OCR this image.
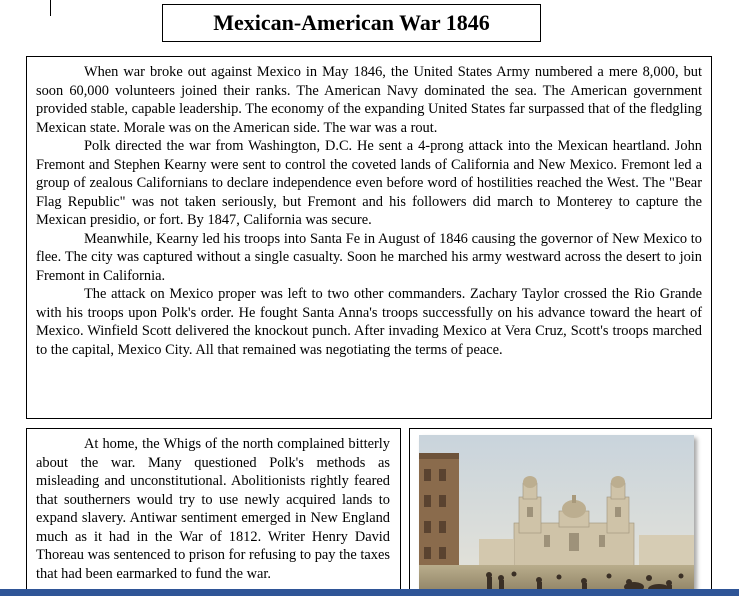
Mexican-American War 1846

When war broke out against Mexico in May 1846, the United States Army numbered a mere 8,000, but soon 60,000 volunteers joined their ranks. The American Navy dominated the sea. The American government provided stable, capable leadership. The economy of the expanding United States far surpassed that of the fledgling Mexican state. Morale was on the American side. The war was a rout.

Polk directed the war from Washington, D.C. He sent a 4-prong attack into the Mexican heartland. John Fremont and Stephen Kearny were sent to control the coveted lands of California and New Mexico. Fremont led a group of zealous Californians to declare independence even before word of hostilities reached the West. The "Bear Flag Republic" was not taken seriously, but Fremont and his followers did march to Monterey to capture the Mexican presidio, or fort. By 1847, California was secure.

Meanwhile, Kearny led his troops into Santa Fe in August of 1846 causing the governor of New Mexico to flee. The city was captured without a single casualty. Soon he marched his army westward across the desert to join Fremont in California.

The attack on Mexico proper was left to two other commanders. Zachary Taylor crossed the Rio Grande with his troops upon Polk's order. He fought Santa Anna's troops successfully on his advance toward the heart of Mexico. Winfield Scott delivered the knockout punch. After invading Mexico at Vera Cruz, Scott's troops marched to the capital, Mexico City. All that remained was negotiating the terms of peace.

At home, the Whigs of the north complained bitterly about the war. Many questioned Polk's methods as misleading and unconstitutional. Abolitionists rightly feared that southerners would try to use newly acquired lands to expand slavery. Antiwar sentiment emerged in New England much as it had in the War of 1812. Writer Henry David Thoreau was sentenced to prison for refusing to pay the taxes that had been earmarked to fund the war.
